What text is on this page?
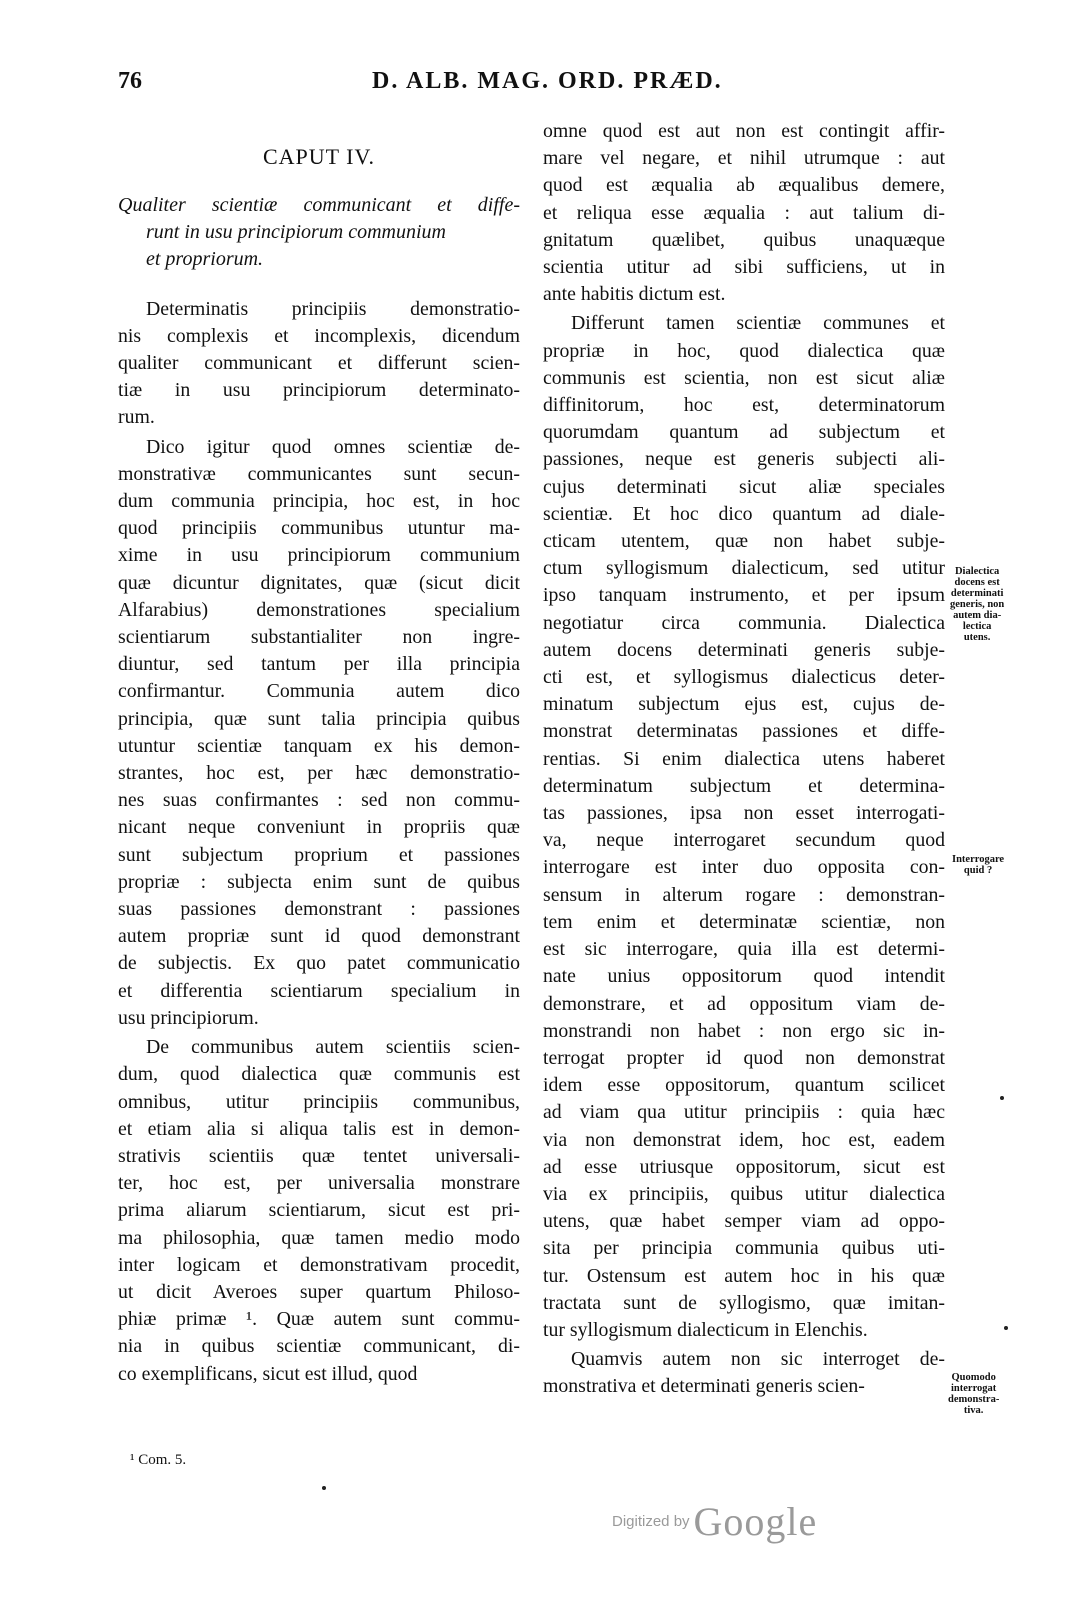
76	D. ALB. MAG. ORD. PRÆD.
CAPUT IV.
Qualiter scientiæ communicant et diffe-
runt in usu principiorum communium
et propriorum.
Determinatis principiis demonstratio-
nis complexis et incomplexis, dicendum
qualiter communicant et differunt scien-
tiæ in usu principiorum determinato-
rum.
Dico igitur quod omnes scientiæ de-
monstrativæ communicantes sunt secun-
dum communia principia, hoc est, in hoc
quod principiis communibus utuntur ma-
xime in usu principiorum communium
quæ dicuntur dignitates, quæ (sicut dicit
Alfarabius) demonstrationes specialium
scientiarum substantialiter non ingre-
diuntur, sed tantum per illa principia
confirmantur. Communia autem dico
principia, quæ sunt talia principia quibus
utuntur scientiæ tanquam ex his demon-
strantes, hoc est, per hæc demonstratio-
nes suas confirmantes : sed non commu-
nicant neque conveniunt in propriis quæ
sunt subjectum proprium et passiones
propriæ : subjecta enim sunt de quibus
suas passiones demonstrant : passiones
autem propriæ sunt id quod demonstrant
de subjectis. Ex quo patet communicatio
et differentia scientiarum specialium in
usu principiorum.
De communibus autem scientiis scien-
dum, quod dialectica quæ communis est
omnibus, utitur principiis communibus,
et etiam alia si aliqua talis est in demon-
strativis scientiis quæ tentet universali-
ter, hoc est, per universalia monstrare
prima aliarum scientiarum, sicut est pri-
ma philosophia, quæ tamen medio modo
inter logicam et demonstrativam procedit,
ut dicit Averoes super quartum Philoso-
phiæ primæ ¹. Quæ autem sunt commu-
nia in quibus scientiæ communicant, di-
co exemplificans, sicut est illud, quod
omne quod est aut non est contingit affir-
mare vel negare, et nihil utrumque : aut
quod est æqualia ab æqualibus demere,
et reliqua esse æqualia : aut talium di-
gnitatum quælibet, quibus unaquæque
scientia utitur ad sibi sufficiens, ut in
ante habitis dictum est.
Differunt tamen scientiæ communes et
propriæ in hoc, quod dialectica quæ
communis est scientia, non est sicut aliæ
diffinitorum, hoc est, determinatorum
quorumdam quantum ad subjectum et
passiones, neque est generis subjecti ali-
cujus determinati sicut aliæ speciales
scientiæ. Et hoc dico quantum ad diale-
cticam utentem, quæ non habet subje-
ctum syllogismum dialecticum, sed utitur
ipso tanquam instrumento, et per ipsum
negotiatur circa communia. Dialectica
autem docens determinati generis subje-
cti est, et syllogismus dialecticus deter-
minatum subjectum ejus est, cujus de-
monstrat determinatas passiones et diffe-
rentias. Si enim dialectica utens haberet
determinatum subjectum et determina-
tas passiones, ipsa non esset interrogati-
va, neque interrogaret secundum quod
interrogare est inter duo opposita con-
sensum in alterum rogare : demonstran-
tem enim et determinatæ scientiæ, non
est sic interrogare, quia illa est determi-
nate unius oppositorum quod intendit
demonstrare, et ad oppositum viam de-
monstrandi non habet : non ergo sic in-
terrogat propter id quod non demonstrat
idem esse oppositorum, quantum scilicet
ad viam qua utitur principiis : quia hæc
via non demonstrat idem, hoc est, eadem
ad esse utriusque oppositorum, sicut est
via ex principiis, quibus utitur dialectica
utens, quæ habet semper viam ad oppo-
sita per principia communia quibus uti-
tur. Ostensum est autem hoc in his quæ
tractata sunt de syllogismo, quæ imitan-
tur syllogismum dialecticum in Elenchis.
Quamvis autem non sic interroget de-
monstrativa et determinati generis scien-
Dialectica
docens est
determinati
generis, non
autem dia-
lectica
utens.
Interrogare
quid ?
Quomodo
interrogat
demonstra-
tiva.
¹ Com. 5.
Digitized by Google
